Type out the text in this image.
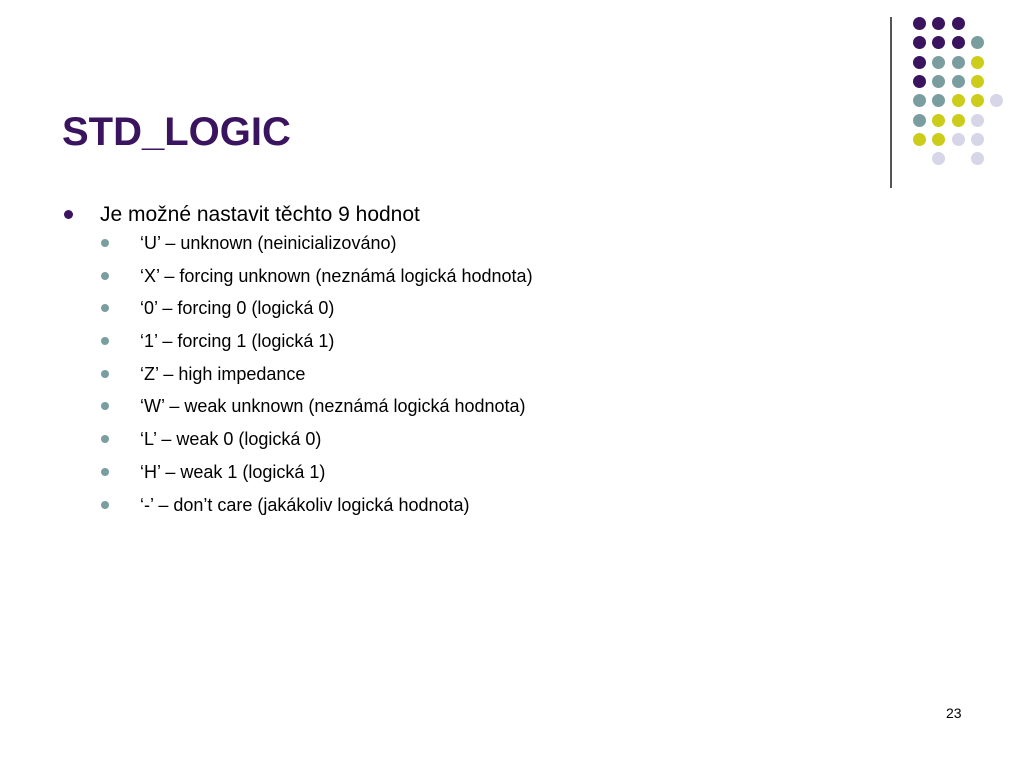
STD_LOGIC
Je možné nastavit těchto 9 hodnot
‘U’ – unknown (neinicializováno)
‘X’ – forcing unknown (neznámá logická hodnota)
‘0’ – forcing 0 (logická 0)
‘1’ – forcing 1 (logická 1)
‘Z’ – high impedance
‘W’ – weak unknown (neznámá logická hodnota)
‘L’ – weak 0 (logická 0)
‘H’ – weak 1 (logická 1)
‘-’ – don’t care (jakákoliv logická hodnota)
23
